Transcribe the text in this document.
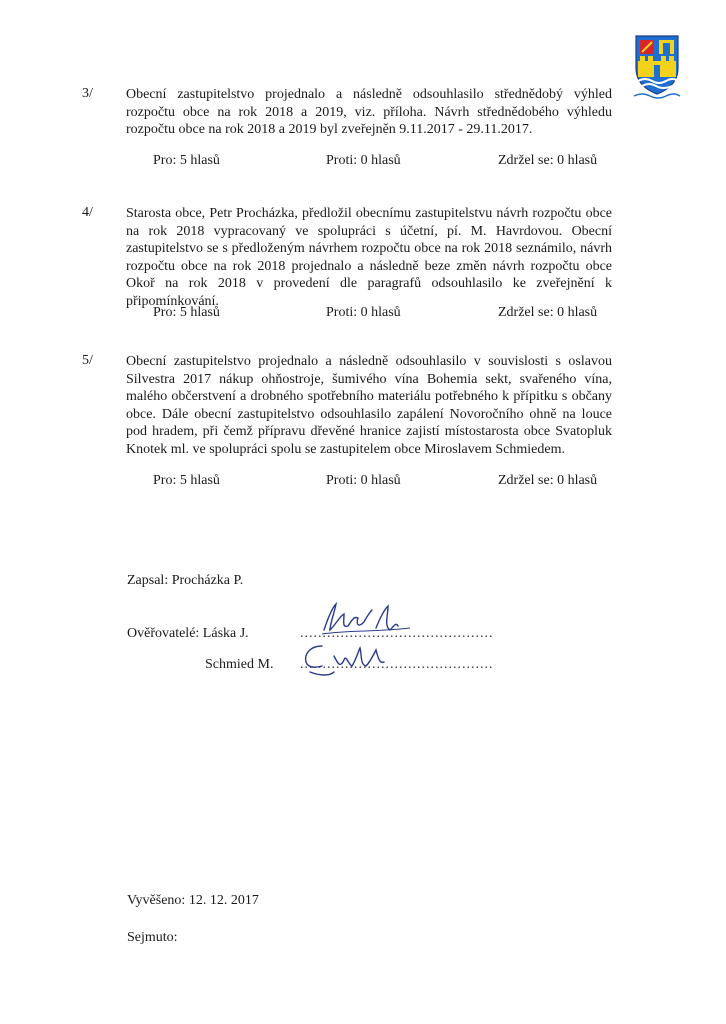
3/ Obecní zastupitelstvo projednalo a následně odsouhlasilo střednědobý výhled rozpočtu obce na rok 2018 a 2019, viz. příloha. Návrh střednědobého výhledu rozpočtu obce na rok 2018 a 2019 byl zveřejněn 9.11.2017 - 29.11.2017.
Pro: 5 hlasů	Proti: 0 hlasů	Zdržel se: 0 hlasů
4/ Starosta obce, Petr Procházka, předložil obecnímu zastupitelstvu návrh rozpočtu obce na rok 2018 vypracovaný ve spolupráci s účetní, pí. M. Havrdovou. Obecní zastupitelstvo se s předloženým návrhem rozpočtu obce na rok 2018 seznámilo, návrh rozpočtu obce na rok 2018 projednalo a následně beze změn návrh rozpočtu obce Okoř na rok 2018 v provedení dle paragrafů odsouhlasilo ke zveřejnění k připomínkování.
Pro: 5 hlasů	Proti: 0 hlasů	Zdržel se: 0 hlasů
5/ Obecní zastupitelstvo projednalo a následně odsouhlasilo v souvislosti s oslavou Silvestra 2017 nákup ohňostroje, šumivého vína Bohemia sekt, svařeného vína, malého občerstvení a drobného spotřebního materiálu potřebného k přípitku s občany obce. Dále obecní zastupitelstvo odsouhlasilo zapálení Novoročního ohně na louce pod hradem, při čemž přípravu dřevěné hranice zajistí místostarosta obce Svatopluk Knotek ml. ve spolupráci spolu se zastupitelem obce Miroslavem Schmiedem.
Pro: 5 hlasů	Proti: 0 hlasů	Zdržel se: 0 hlasů
Zapsal: Procházka P.
Ověřovatelé: Láska J.	...........................................
Schmied M. ...........................................
Vyvěšeno: 12. 12. 2017
Sejmuto:
